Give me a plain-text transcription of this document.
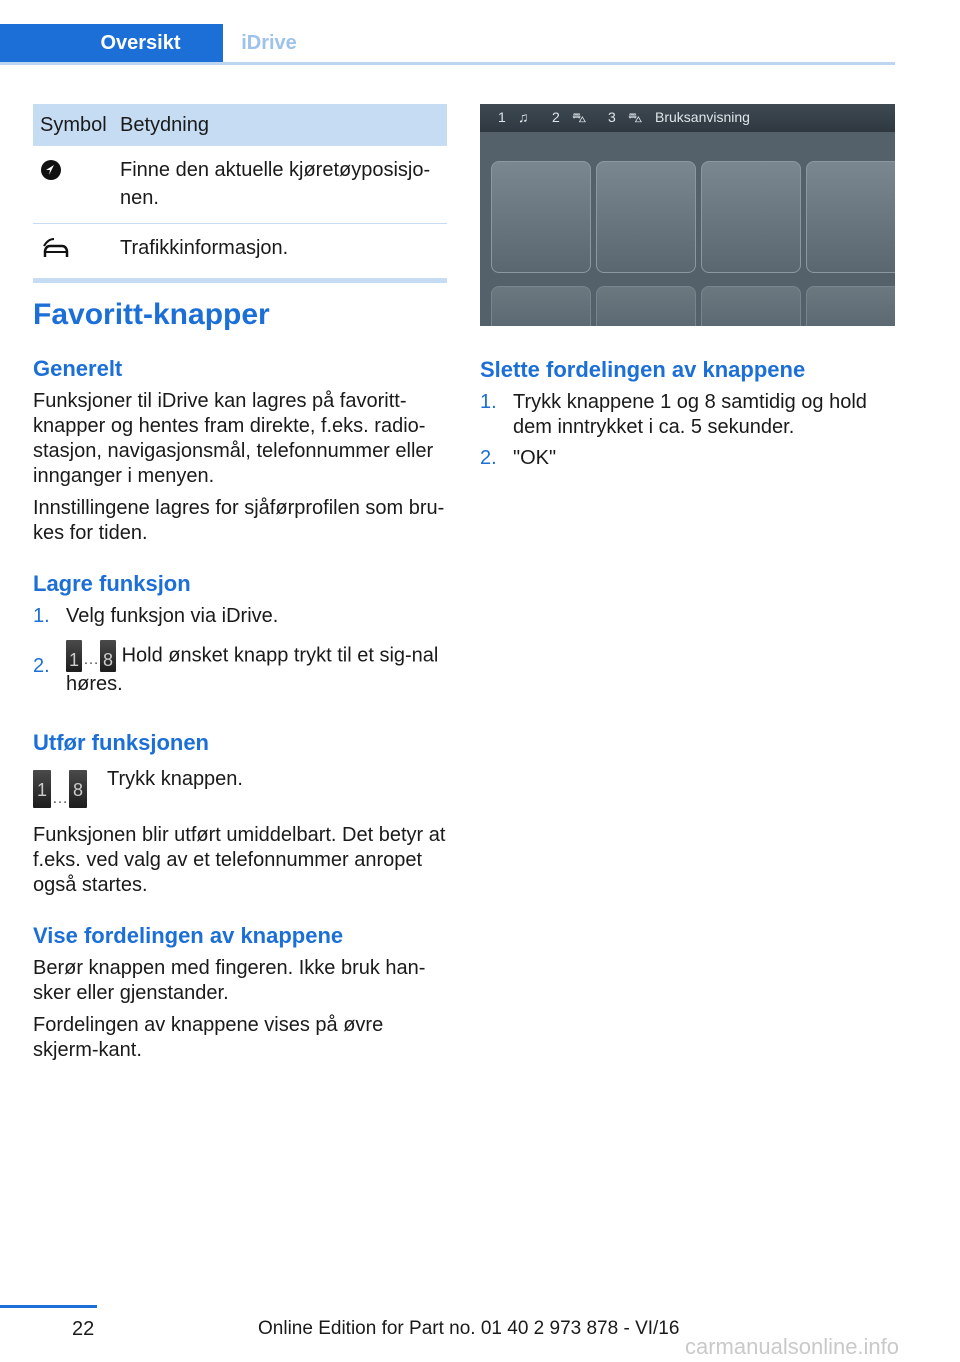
Oversikt	iDrive
Symbol	Betydning
	Finne den aktuelle kjøretøyposisjo‐nen.
	Trafikkinformasjon.
Favoritt-knapper
Generelt

Funksjoner til iDrive kan lagres på favoritt‐knapper og hentes fram direkte, f.eks. radio‐stasjon, navigasjonsmål, telefonnummer eller innganger i menyen.

Innstillingene lagres for sjåførprofilen som bru‐kes for tiden.

Lagre funksjon
1. Velg funksjon via iDrive.
2. 1 … 8 Hold ønsket knapp trykt til et sig‐nal høres.
Utfør funksjonen
1 … 8 Trykk knappen.

Funksjonen blir utført umiddelbart. Det betyr at f.eks. ved valg av et telefonnummer anropet også startes.

Vise fordelingen av knappene

Berør knappen med fingeren. Ikke bruk han‐sker eller gjenstander.

Fordelingen av knappene vises på øvre skjerm‐kant.

1 ♫ 2 ⛍ 3 ⛍ Bruksanvisning
Slette fordelingen av knappene
1. Trykk knappene 1 og 8 samtidig og hold dem inntrykket i ca. 5 sekunder.
2. "OK"
22	Online Edition for Part no. 01 40 2 973 878 - VI/16
carmanualsonline.info
